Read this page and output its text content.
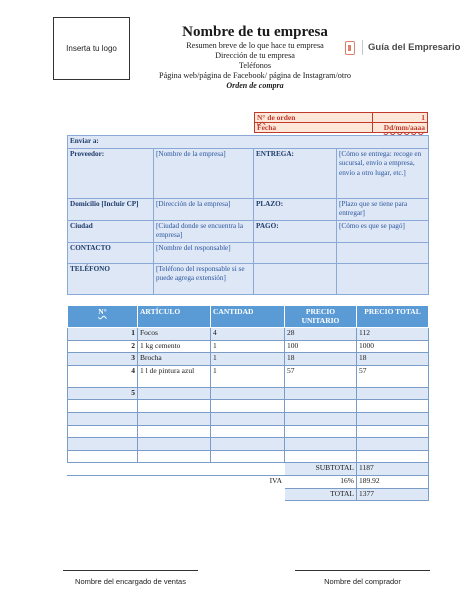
Inserta tu logo
Nombre de tu empresa
Resumen breve de lo que hace tu empresa
Dirección de tu empresa
Teléfonos
Página web/página de Facebook/ página de Instagram/otro
Orden de compra
Guía del Empresario
N° de orden	1
Fecha	Dd/mm/aaaa
Enviar a:			
Proveedor:	[Nombre de la empresa]	ENTREGA:	[Cómo se entrega: recoge en sucursal, envío a empresa, envío a otro lugar, etc.]
Domicilio [Incluir CP]	[Dirección de la empresa]	PLAZO:	[Plazo que se tiene para entregar]
Ciudad	[Ciudad donde se encuentra la empresa]	PAGO:	[Cómo es que se pagó]
CONTACTO	[Nombre del responsable]		
TELÉFONO	[Teléfono del responsable si se puede agrega extensión]		
N°	ARTÍCULO	CANTIDAD	PRECIO UNITARIO	PRECIO TOTAL
1	Focos	4	28	112
2	1 kg cemento	1	100	1000
3	Brocha	1	18	18
4	1 l de pintura azul	1	57	57
5				

			SUBTOTAL	1187
		IVA	16%	189.92
			TOTAL	1377
Nombre del encargado de ventas	Nombre del comprador
